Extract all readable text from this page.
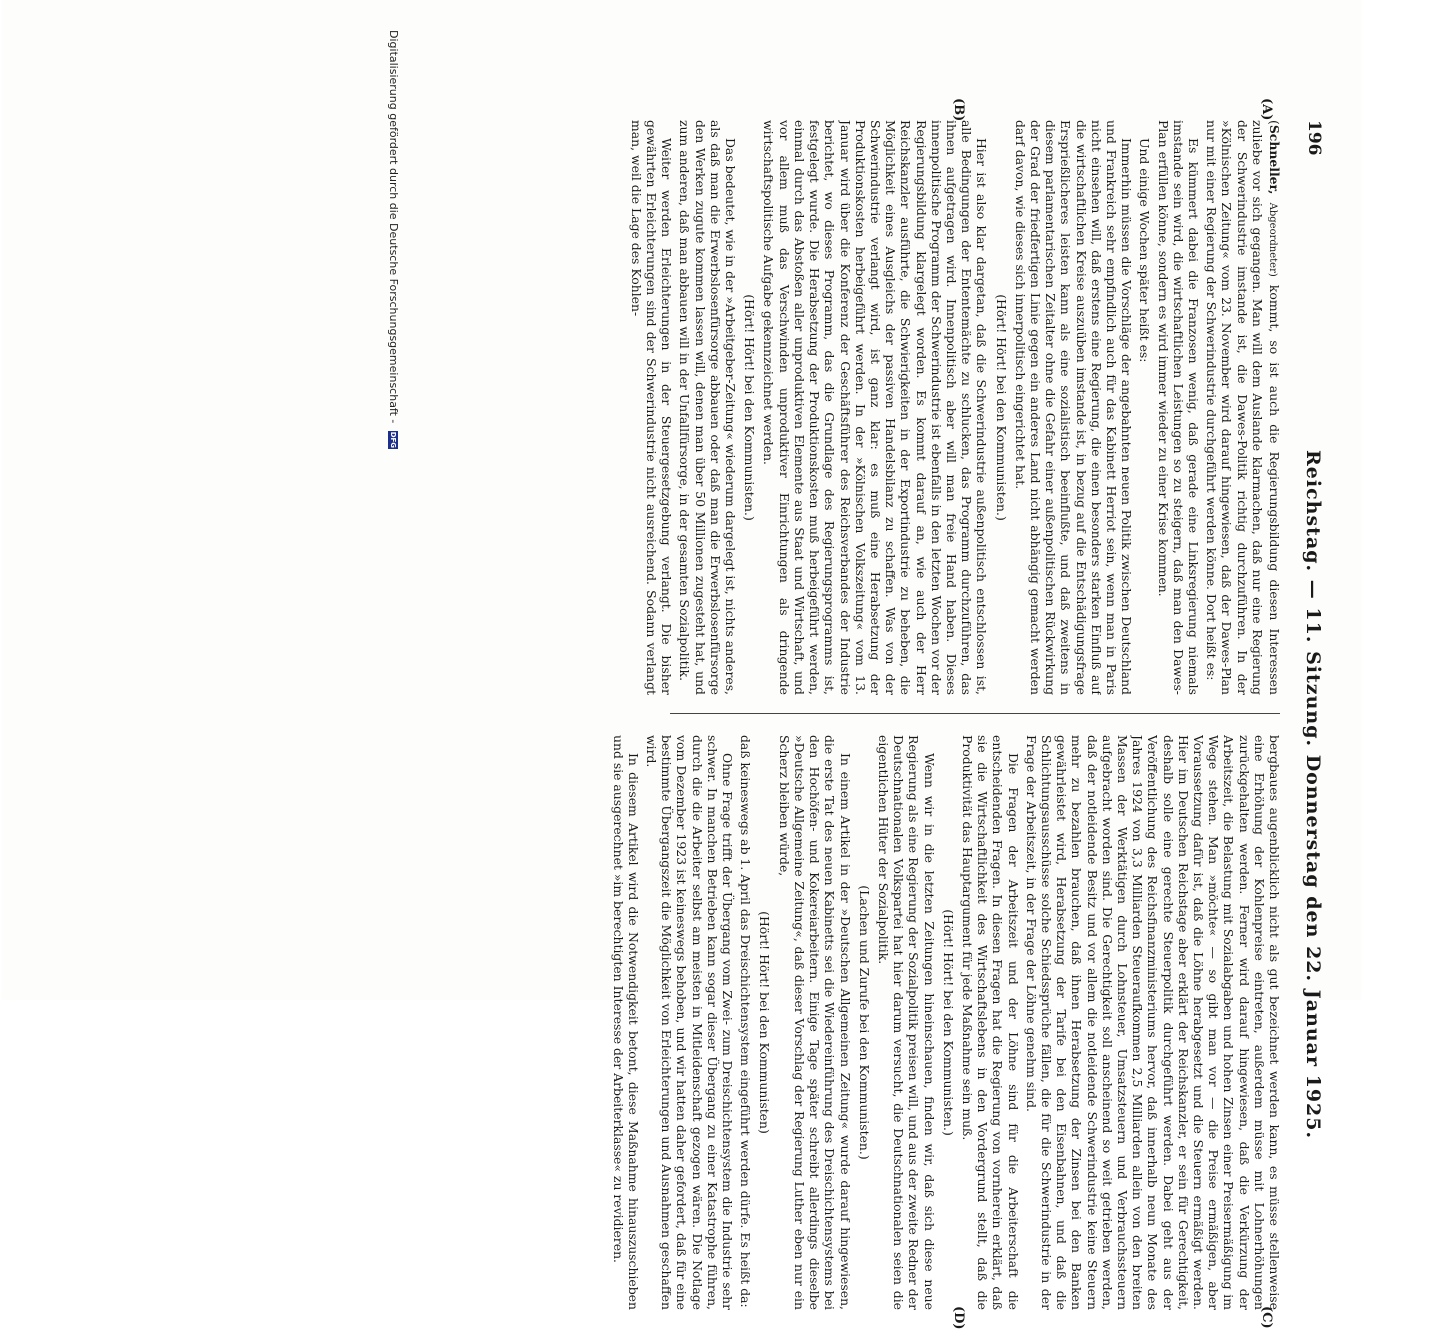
196
Reichstag. — 11. Sitzung. Donnerstag den 22. Januar 1925.
(A)
(B)
(C)
(D)

(Schneller, Abgeordneter) kommt, so ist auch die Regierungsbildung diesen Interessen zuliebe vor sich gegangen. Man will dem Auslande klarmachen, daß nur eine Regierung der Schwerindustrie imstande ist, die Dawes-Politik richtig durchzuführen. In der »Kölnischen Zeitung« vom 23. November wird darauf hingewiesen, daß der Dawes-Plan nur mit einer Regierung der Schwerindustrie durchgeführt werden könne. Dort heißt es:

Es kümmert dabei die Franzosen wenig, daß gerade eine Linksregierung niemals imstande sein wird, die wirtschaftlichen Leistungen so zu steigern, daß man den Dawes-Plan erfüllen könne, sondern es wird immer wieder zu einer Krise kommen.

Und einige Wochen später heißt es:

Immerhin müssen die Vorschläge der angebahnten neuen Politik zwischen Deutschland und Frankreich sehr empfindlich auch für das Kabinett Herriot sein, wenn man in Paris nicht einsehen will, daß erstens eine Regierung, die einen besonders starken Einfluß auf die wirtschaftlichen Kreise auszuüben imstande ist, in bezug auf die Entschädigungsfrage Ersprießlicheres leisten kann als eine sozialistisch beeinflußte, und daß zweitens in diesem parlamentarischen Zeitalter ohne die Gefahr einer außenpolitischen Rückwirkung der Grad der friedfertigen Linie gegen ein anderes Land nicht abhängig gemacht werden darf davon, wie dieses sich innerpolitisch eingerichtet hat.

(Hört! Hört! bei den Kommunisten.)

Hier ist also klar dargetan, daß die Schwerindustrie außenpolitisch entschlossen ist, alle Bedingungen der Ententemächte zu schlucken, das Programm durchzuführen, das ihnen aufgetragen wird. Innenpolitisch aber will man freie Hand haben. Dieses innenpolitische Programm der Schwerindustrie ist ebenfalls in den letzten Wochen vor der Regierungsbildung klargelegt worden. Es kommt darauf an, wie auch der Herr Reichskanzler ausführte, die Schwierigkeiten in der Exportindustrie zu beheben, die Möglichkeit eines Ausgleichs der passiven Handelsbilanz zu schaffen. Was von der Schwerindustrie verlangt wird, ist ganz klar: es muß eine Herabsetzung der Produktionskosten herbeigeführt werden. In der »Kölnischen Volkszeitung« vom 13. Januar wird über die Konferenz der Geschäftsführer des Reichsverbandes der Industrie berichtet, wo dieses Programm, das die Grundlage des Regierungsprogramms ist, festgelegt wurde. Die Herabsetzung der Produktionskosten muß herbeigeführt werden, einmal durch das Abstoßen aller unproduktiven Elemente aus Staat und Wirtschaft, und vor allem muß das Verschwinden unproduktiver Einrichtungen als dringende wirtschaftspolitische Aufgabe gekennzeichnet werden.

(Hört! Hört! bei den Kommunisten.)

Das bedeutet, wie in der »Arbeitgeber-Zeitung« wiederum dargelegt ist, nichts anderes, als daß man die Erwerbslosenfürsorge abbauen oder daß man die Erwerbslosenfürsorge den Werken zugute kommen lassen will, denen man über 50 Millionen zugesteht hat, und zum anderen, daß man abbauen will in der Unfallfürsorge, in der gesamten Sozialpolitik.

Weiter werden Erleichterungen in der Steuergesetzgebung verlangt. Die bisher gewährten Erleichterungen sind der Schwerindustrie nicht ausreichend. Sodann verlangt man, weil die Lage des Kohlen-

bergbaues augenblicklich nicht als gut bezeichnet werden kann, es müsse stellenweise eine Erhöhung der Kohlenpreise eintreten, außerdem müsse mit Lohnerhöhungen zurückgehalten werden. Ferner wird darauf hingewiesen, daß die Verkürzung der Arbeitszeit, die Belastung mit Sozialabgaben und hohen Zinsen einer Preisermäßigung im Wege stehen. Man »möchte« — so gibt man vor — die Preise ermäßigen, aber Voraussetzung dafür ist, daß die Löhne herabgesetzt und die Steuern ermäßigt werden. Hier im Deutschen Reichstage aber erklärt der Reichskanzler, er sein für Gerechtigkeit, deshalb solle eine gerechte Steuerpolitik durchgeführt werden. Dabei geht aus der Veröffentlichung des Reichsfinanzministeriums hervor, daß innerhalb neun Monate des Jahres 1924 von 3,3 Milliarden Steueraufkommen 2,5 Milliarden allein von den breiten Massen der Werktätigen durch Lohnsteuer, Umsatzsteuern und Verbrauchssteuern aufgebracht worden sind. Die Gerechtigkeit soll anscheinend so weit getrieben werden, daß der notleidende Besitz und vor allem die notleidende Schwerindustrie keine Steuern mehr zu bezahlen brauchen, daß ihnen Herabsetzung der Zinsen bei den Banken gewährleistet wird, Herabsetzung der Tarife bei den Eisenbahnen, und daß die Schlichtungsausschüsse solche Schiedssprüche fällen, die für die Schwerindustrie in der Frage der Arbeitszeit, in der Frage der Löhne genehm sind.

Die Fragen der Arbeitszeit und der Löhne sind für die Arbeiterschaft die entscheidenden Fragen. In diesen Fragen hat die Regierung von vornherein erklärt, daß sie die Wirtschaftlichkeit des Wirtschaftslebens in den Vordergrund stellt, daß die Produktivität das Hauptargument für jede Maßnahme sein muß.

(Hört! Hört! bei den Kommunisten.)

Wenn wir in die letzten Zeitungen hineinschauen, finden wir, daß sich diese neue Regierung als eine Regierung der Sozialpolitik preisen will, und aus der zweite Redner der Deutschnationalen Volkspartei hat hier darum versucht, die Deutschnationalen seien die eigentlichen Hüter der Sozialpolitik.

(Lachen und Zurufe bei den Kommunisten.)

In einem Artikel in der »Deutschen Allgemeinen Zeitung« wurde darauf hingewiesen, die erste Tat des neuen Kabinetts sei die Wiedereinführung des Dreischichtensystems bei den Hochöfen- und Kokereiarbeitern. Einige Tage später schreibt allerdings dieselbe »Deutsche Allgemeine Zeitung«, daß dieser Vorschlag der Regierung Luther eben nur ein Scherz bleiben würde,

(Hört! Hört! bei den Kommunisten)

daß keineswegs ab 1. April das Dreischichtensystem eingeführt werden dürfe. Es heißt da:

Ohne Frage trifft der Übergang vom Zwei- zum Dreischichtensystem die Industrie sehr schwer. In manchen Betrieben kann sogar dieser Übergang zu einer Katastrophe führen, durch die die Arbeiter selbst am meisten in Mitleidenschaft gezogen wären. Die Notlage vom Dezember 1923 ist keineswegs behoben, und wir hatten daher gefordert, daß für eine bestimmte Übergangszeit die Möglichkeit von Erleichterungen und Ausnahmen geschaffen wird.

In diesem Artikel wird die Notwendigkeit betont, diese Maßnahme hinauszuschieben und sie ausgerechnet »im berechtigten Interesse der Arbeiterklasse« zu revidieren.

Digitalisierung gefördert durch die Deutsche Forschungsgemeinschaft - DFG
